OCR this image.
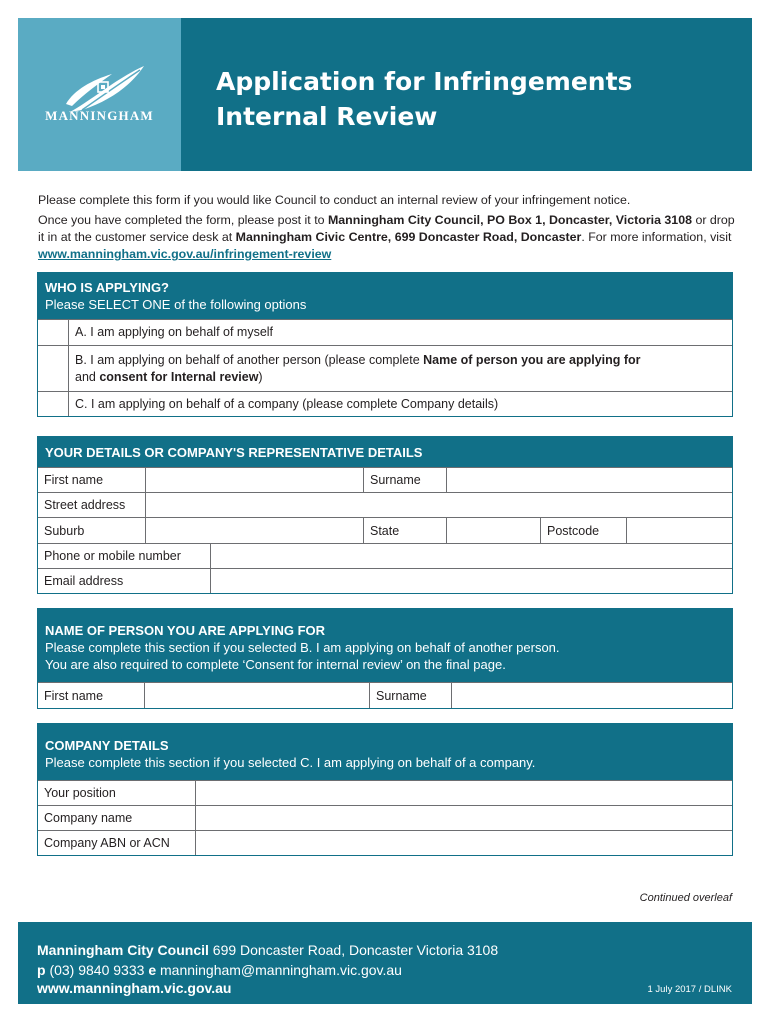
MANNINGHAM
Application for Infringements
Internal Review

Please complete this form if you would like Council to conduct an internal review of your infringement notice.

Once you have completed the form, please post it to Manningham City Council, PO Box 1, Doncaster, Victoria 3108 or drop it in at the customer service desk at Manningham Civic Centre, 699 Doncaster Road, Doncaster. For more information, visit www.manningham.vic.gov.au/infringement-review

WHO IS APPLYING?
Please SELECT ONE of the following options
A. I am applying on behalf of myself
B. I am applying on behalf of another person (please complete Name of person you are applying for
and consent for Internal review)
C. I am applying on behalf of a company (please complete Company details)
YOUR DETAILS OR COMPANY'S REPRESENTATIVE DETAILS
First name	Surname
Street address
Suburb	State	Postcode
Phone or mobile number
Email address
NAME OF PERSON YOU ARE APPLYING FOR
Please complete this section if you selected B. I am applying on behalf of another person.
You are also required to complete ‘Consent for internal review’ on the final page.
First name	Surname
COMPANY DETAILS
Please complete this section if you selected C. I am applying on behalf of a company.
Your position
Company name
Company ABN or ACN
Continued overleaf
Manningham City Council 699 Doncaster Road, Doncaster Victoria 3108
p (03) 9840 9333 e manningham@manningham.vic.gov.au
www.manningham.vic.gov.au	1 July 2017 / DLINK
